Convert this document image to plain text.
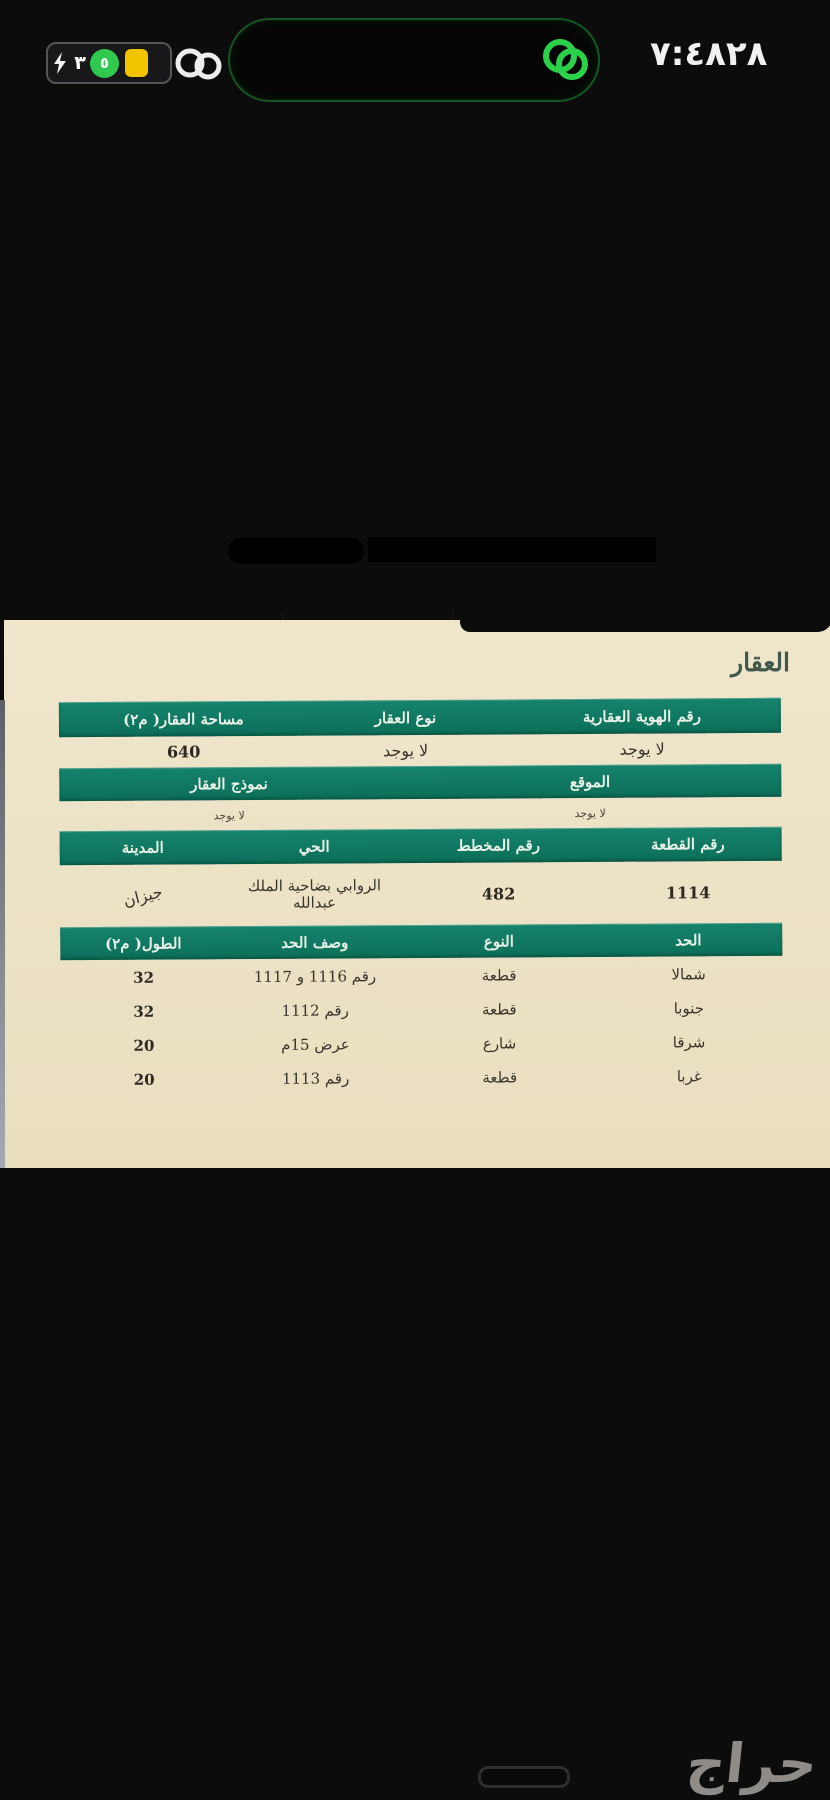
٧:٤٨٢٨
٣ ٥
العقار
رقم الهوية العقارية
نوع العقار
مساحة العقار( م٢)
لا يوجد
لا يوجد
640
الموقع
نموذج العقار
لا يوجد
لا يوجد
رقم القطعة
رقم المخطط
الحي
المدينة
1114
482
الروابي بضاحية الملك عبدالله
جيزان
الحد
النوع
وصف الحد
الطول( م٢)
شمالا
قطعة
رقم 1116 و 1117
32
جنوبا
قطعة
رقم 1112
32
شرقا
شارع
عرض 15م
20
غربا
قطعة
رقم 1113
20
حراج
